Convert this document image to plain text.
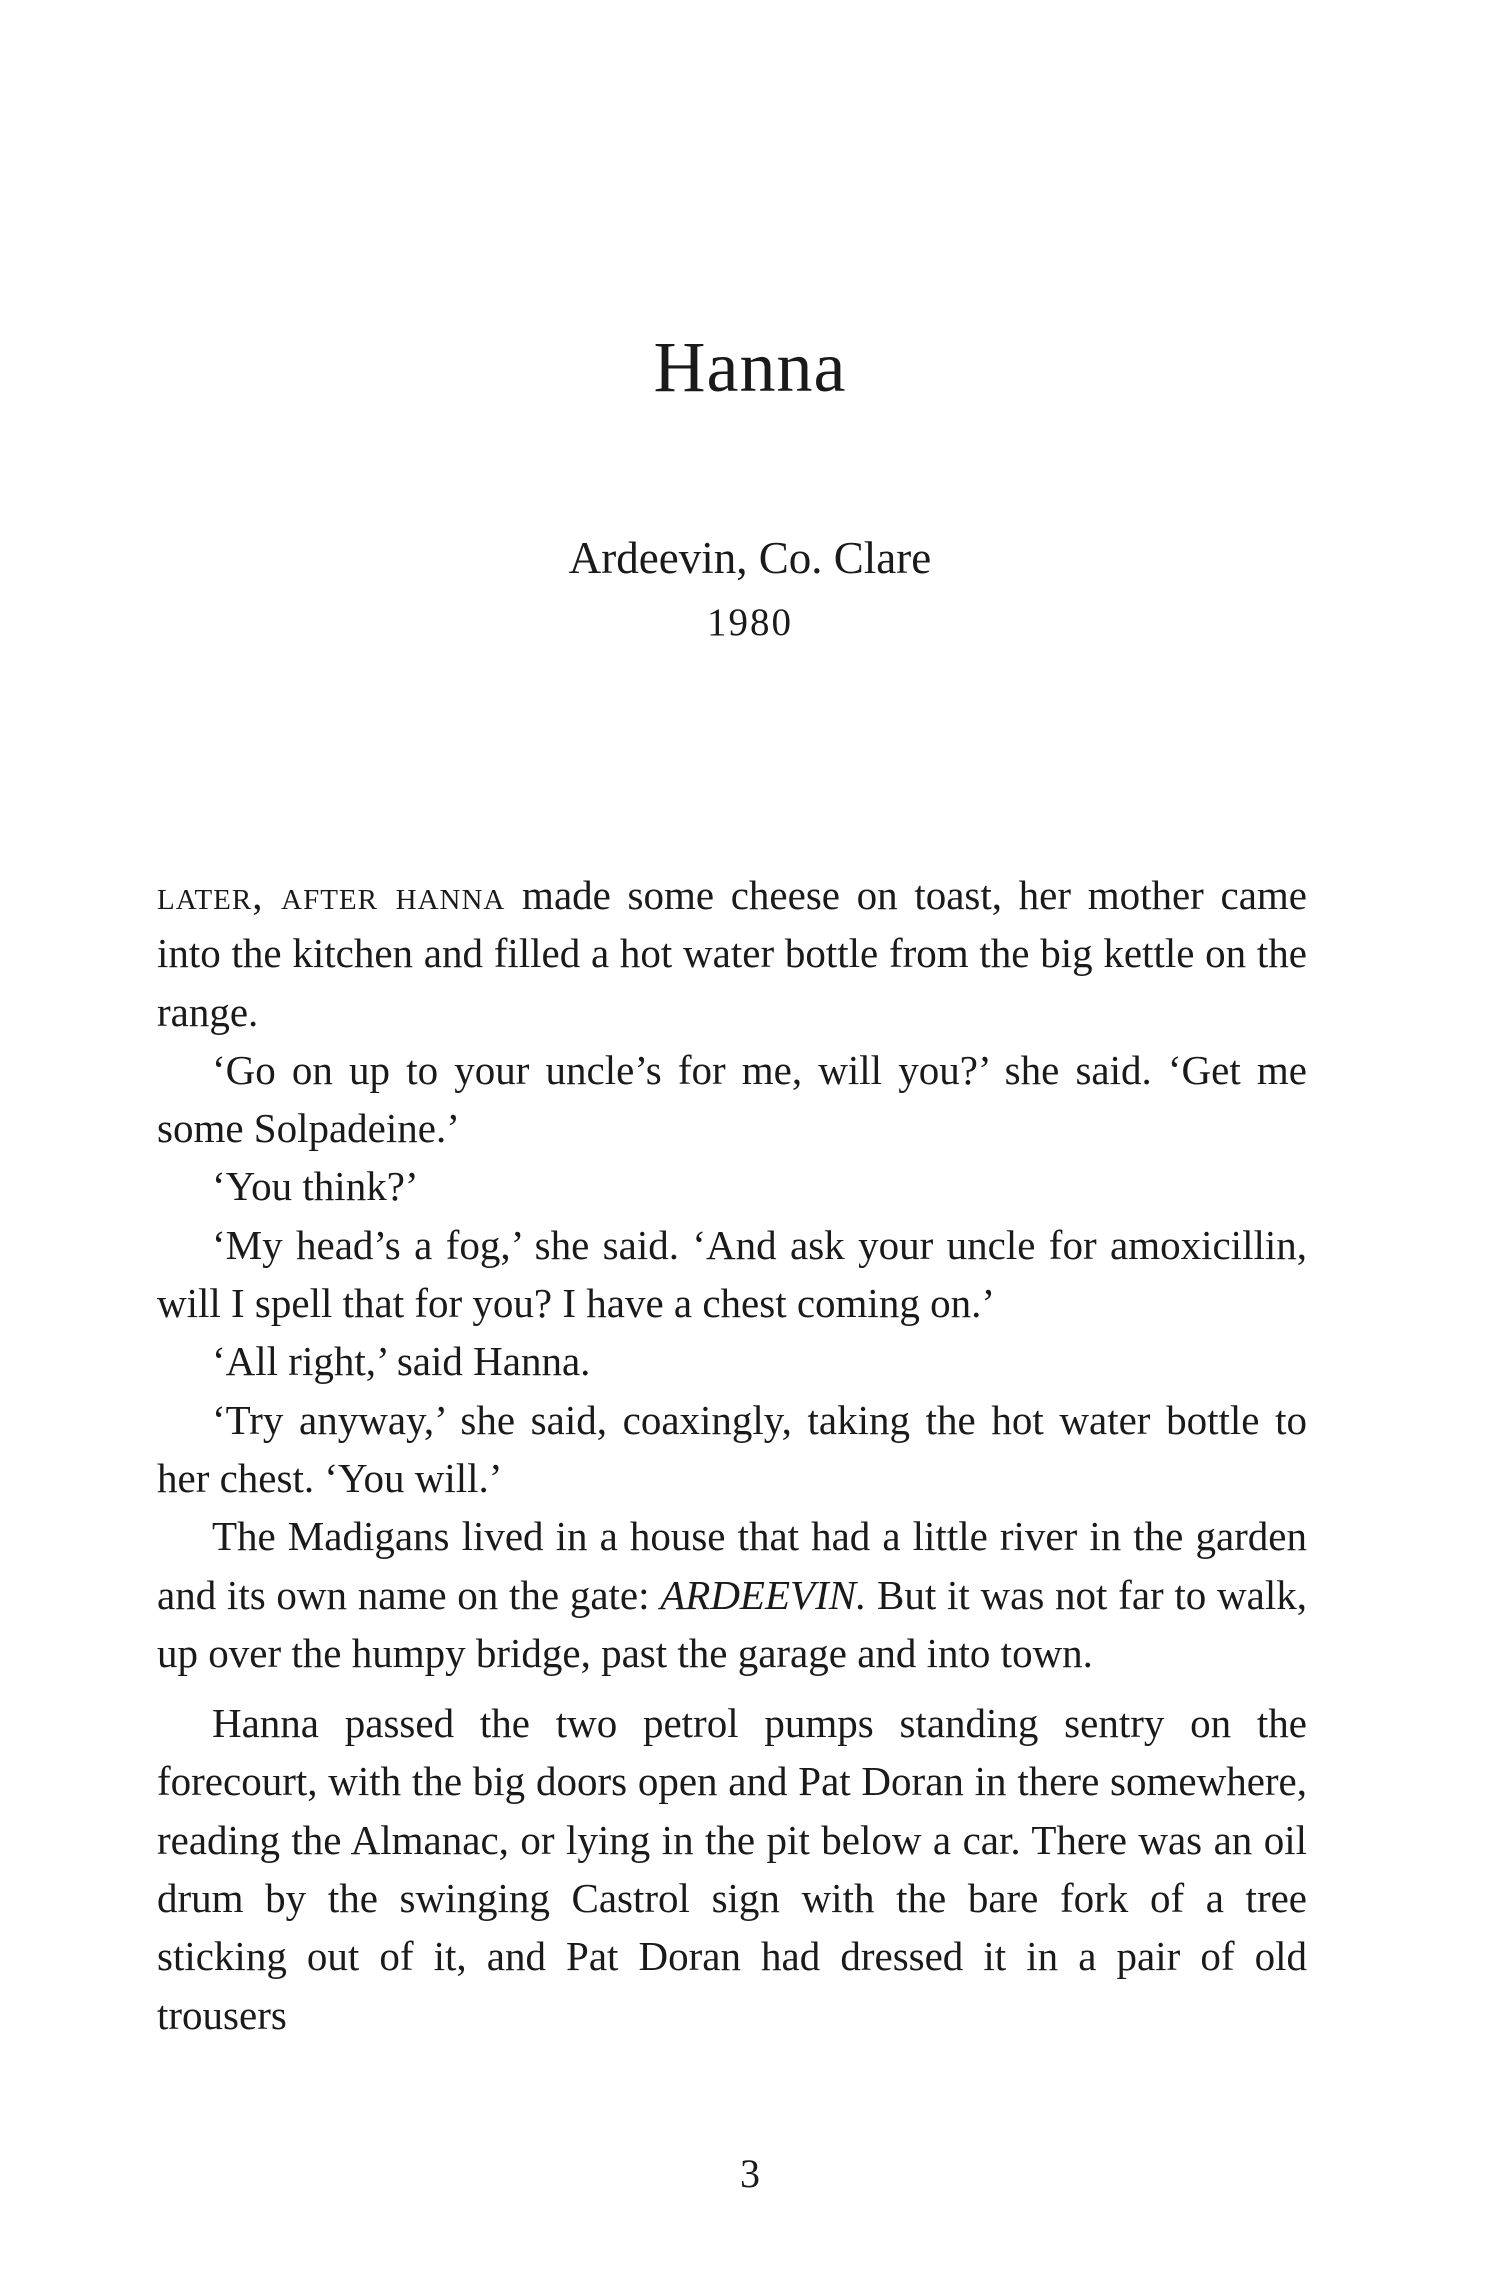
Hanna
Ardeevin, Co. Clare
1980

later, after hanna made some cheese on toast, her mother came into the kitchen and filled a hot water bottle from the big kettle on the range.

‘Go on up to your uncle’s for me, will you?’ she said. ‘Get me some Solpadeine.’

‘You think?’

‘My head’s a fog,’ she said. ‘And ask your uncle for amoxicillin, will I spell that for you? I have a chest coming on.’

‘All right,’ said Hanna.

‘Try anyway,’ she said, coaxingly, taking the hot water bottle to her chest. ‘You will.’

The Madigans lived in a house that had a little river in the garden and its own name on the gate: ARDEEVIN. But it was not far to walk, up over the humpy bridge, past the garage and into town.

Hanna passed the two petrol pumps standing sentry on the forecourt, with the big doors open and Pat Doran in there somewhere, reading the Almanac, or lying in the pit below a car. There was an oil drum by the swinging Castrol sign with the bare fork of a tree sticking out of it, and Pat Doran had dressed it in a pair of old trousers

3
